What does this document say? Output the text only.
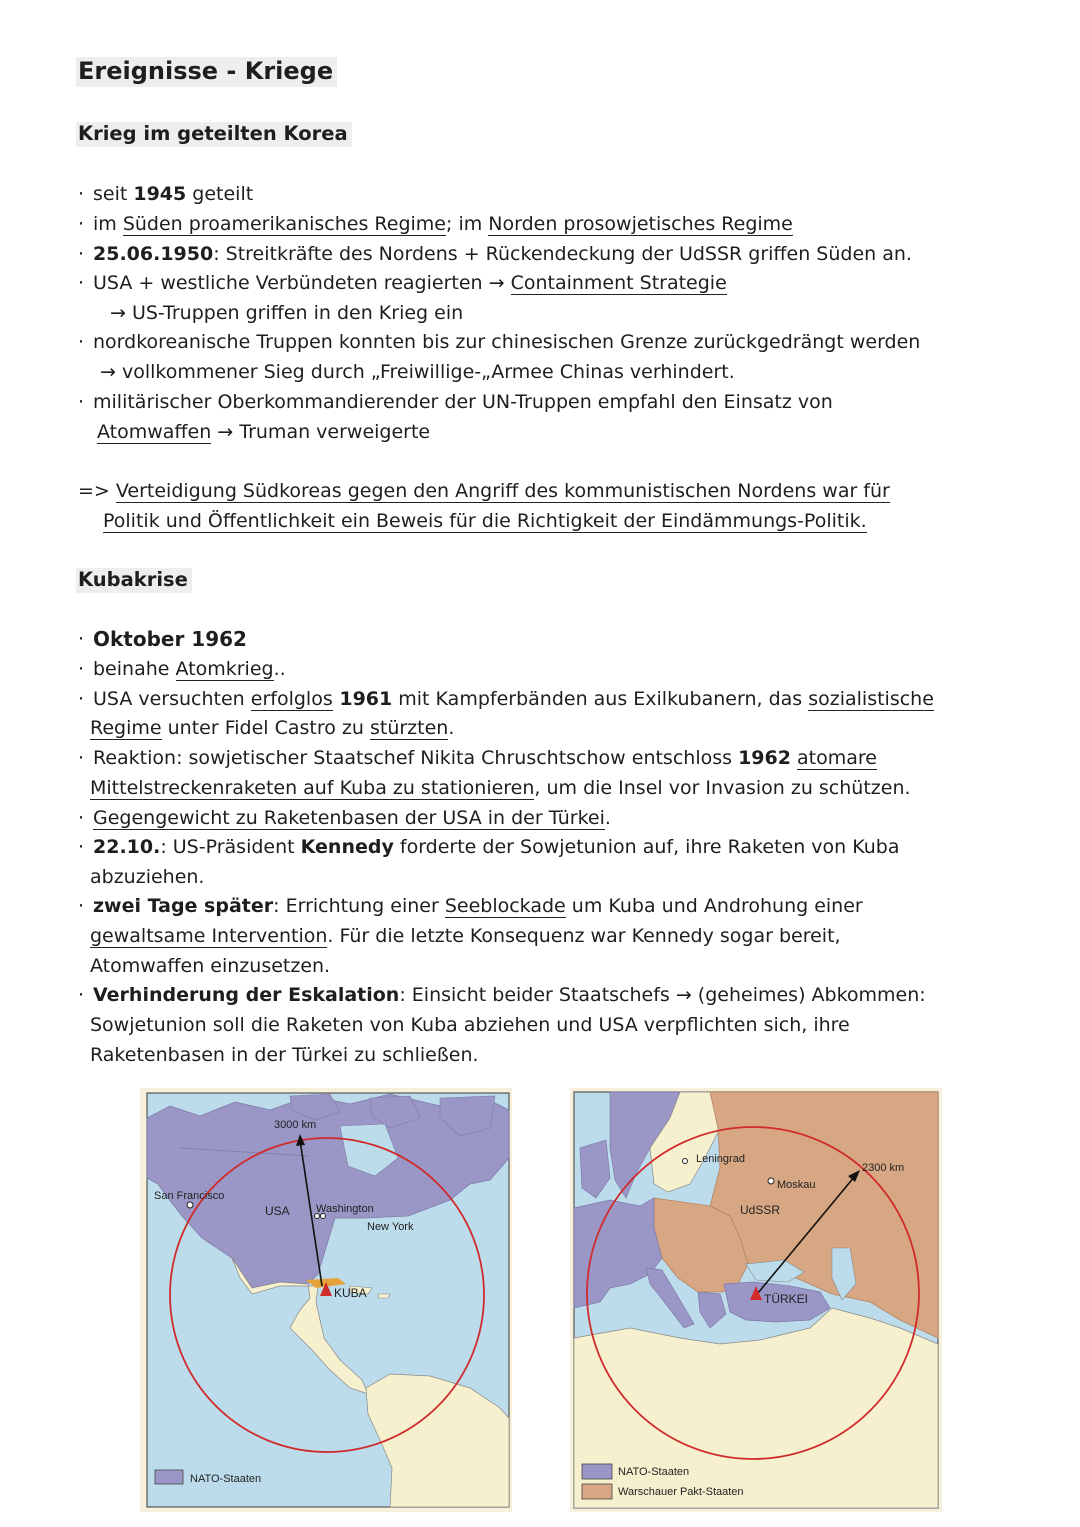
Ereignisse - Kriege
Krieg im geteilten Korea
· seit 1945 geteilt
· im Süden proamerikanisches Regime; im Norden prosowjetisches Regime
· 25.06.1950: Streitkräfte des Nordens + Rückendeckung der UdSSR griffen Süden an.
· USA + westliche Verbündeten reagierten → Containment Strategie
→ US-Truppen griffen in den Krieg ein
· nordkoreanische Truppen konnten bis zur chinesischen Grenze zurückgedrängt werden
→ vollkommener Sieg durch „Freiwillige-„Armee Chinas verhindert.
· militärischer Oberkommandierender der UN-Truppen empfahl den Einsatz von
Atomwaffen → Truman verweigerte
=> Verteidigung Südkoreas gegen den Angriff des kommunistischen Nordens war für
Politik und Öffentlichkeit ein Beweis für die Richtigkeit der Eindämmungs-Politik.
Kubakrise
· Oktober 1962
· beinahe Atomkrieg..
· USA versuchten erfolglos 1961 mit Kampferbänden aus Exilkubanern, das sozialistische
Regime unter Fidel Castro zu stürzten.
· Reaktion: sowjetischer Staatschef Nikita Chruschtschow entschloss 1962 atomare
Mittelstreckenraketen auf Kuba zu stationieren, um die Insel vor Invasion zu schützen.
· Gegengewicht zu Raketenbasen der USA in der Türkei.
· 22.10.: US-Präsident Kennedy forderte der Sowjetunion auf, ihre Raketen von Kuba
abzuziehen.
· zwei Tage später: Errichtung einer Seeblockade um Kuba und Androhung einer
gewaltsame Intervention. Für die letzte Konsequenz war Kennedy sogar bereit,
Atomwaffen einzusetzen.
· Verhinderung der Eskalation: Einsicht beider Staatschefs → (geheimes) Abkommen:
Sowjetunion soll die Raketen von Kuba abziehen und USA verpflichten sich, ihre
Raketenbasen in der Türkei zu schließen.
3000 km
San Francisco
USA Washington
New York
KUBA
NATO-Staaten
Leningrad
2300 km
Moskau
UdSSR
TÜRKEI
NATO-Staaten
Warschauer Pakt-Staaten
